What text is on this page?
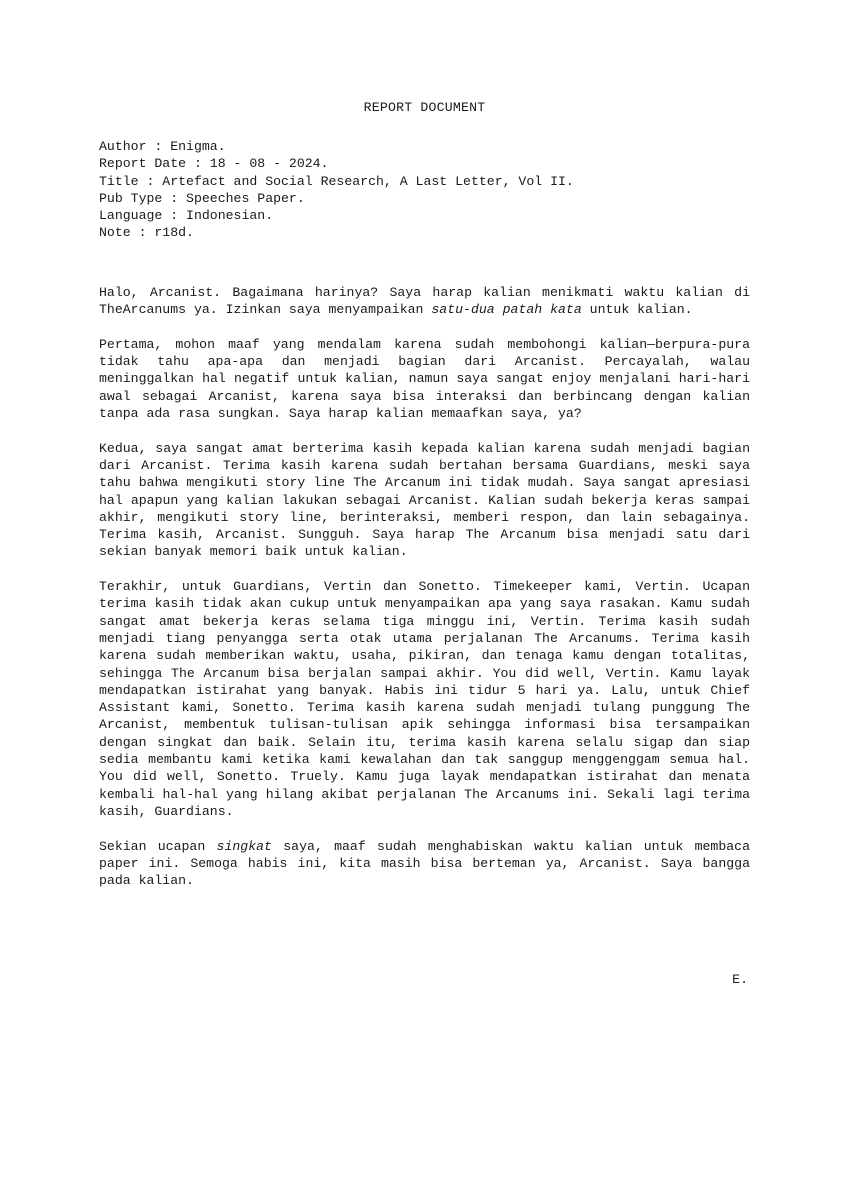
REPORT DOCUMENT
Author : Enigma.
Report Date : 18 - 08 - 2024.
Title : Artefact and Social Research, A Last Letter, Vol II.
Pub Type : Speeches Paper.
Language : Indonesian.
Note : r18d.

Halo, Arcanist. Bagaimana harinya? Saya harap kalian menikmati waktu kalian di TheArcanums ya. Izinkan saya menyampaikan satu-dua patah kata untuk kalian.

Pertama, mohon maaf yang mendalam karena sudah membohongi kalian—berpura-pura tidak tahu apa-apa dan menjadi bagian dari Arcanist. Percayalah, walau meninggalkan hal negatif untuk kalian, namun saya sangat enjoy menjalani hari-hari awal sebagai Arcanist, karena saya bisa interaksi dan berbincang dengan kalian tanpa ada rasa sungkan. Saya harap kalian memaafkan saya, ya?

Kedua, saya sangat amat berterima kasih kepada kalian karena sudah menjadi bagian dari Arcanist. Terima kasih karena sudah bertahan bersama Guardians, meski saya tahu bahwa mengikuti story line The Arcanum ini tidak mudah. Saya sangat apresiasi hal apapun yang kalian lakukan sebagai Arcanist. Kalian sudah bekerja keras sampai akhir, mengikuti story line, berinteraksi, memberi respon, dan lain sebagainya. Terima kasih, Arcanist. Sungguh. Saya harap The Arcanum bisa menjadi satu dari sekian banyak memori baik untuk kalian.

Terakhir, untuk Guardians, Vertin dan Sonetto. Timekeeper kami, Vertin. Ucapan terima kasih tidak akan cukup untuk menyampaikan apa yang saya rasakan. Kamu sudah sangat amat bekerja keras selama tiga minggu ini, Vertin. Terima kasih sudah menjadi tiang penyangga serta otak utama perjalanan The Arcanums. Terima kasih karena sudah memberikan waktu, usaha, pikiran, dan tenaga kamu dengan totalitas, sehingga The Arcanum bisa berjalan sampai akhir. You did well, Vertin. Kamu layak mendapatkan istirahat yang banyak. Habis ini tidur 5 hari ya. Lalu, untuk Chief Assistant kami, Sonetto. Terima kasih karena sudah menjadi tulang punggung The Arcanist, membentuk tulisan-tulisan apik sehingga informasi bisa tersampaikan dengan singkat dan baik. Selain itu, terima kasih karena selalu sigap dan siap sedia membantu kami ketika kami kewalahan dan tak sanggup menggenggam semua hal. You did well, Sonetto. Truely. Kamu juga layak mendapatkan istirahat dan menata kembali hal-hal yang hilang akibat perjalanan The Arcanums ini. Sekali lagi terima kasih, Guardians.

Sekian ucapan singkat saya, maaf sudah menghabiskan waktu kalian untuk membaca paper ini. Semoga habis ini, kita masih bisa berteman ya, Arcanist. Saya bangga pada kalian.

E.
